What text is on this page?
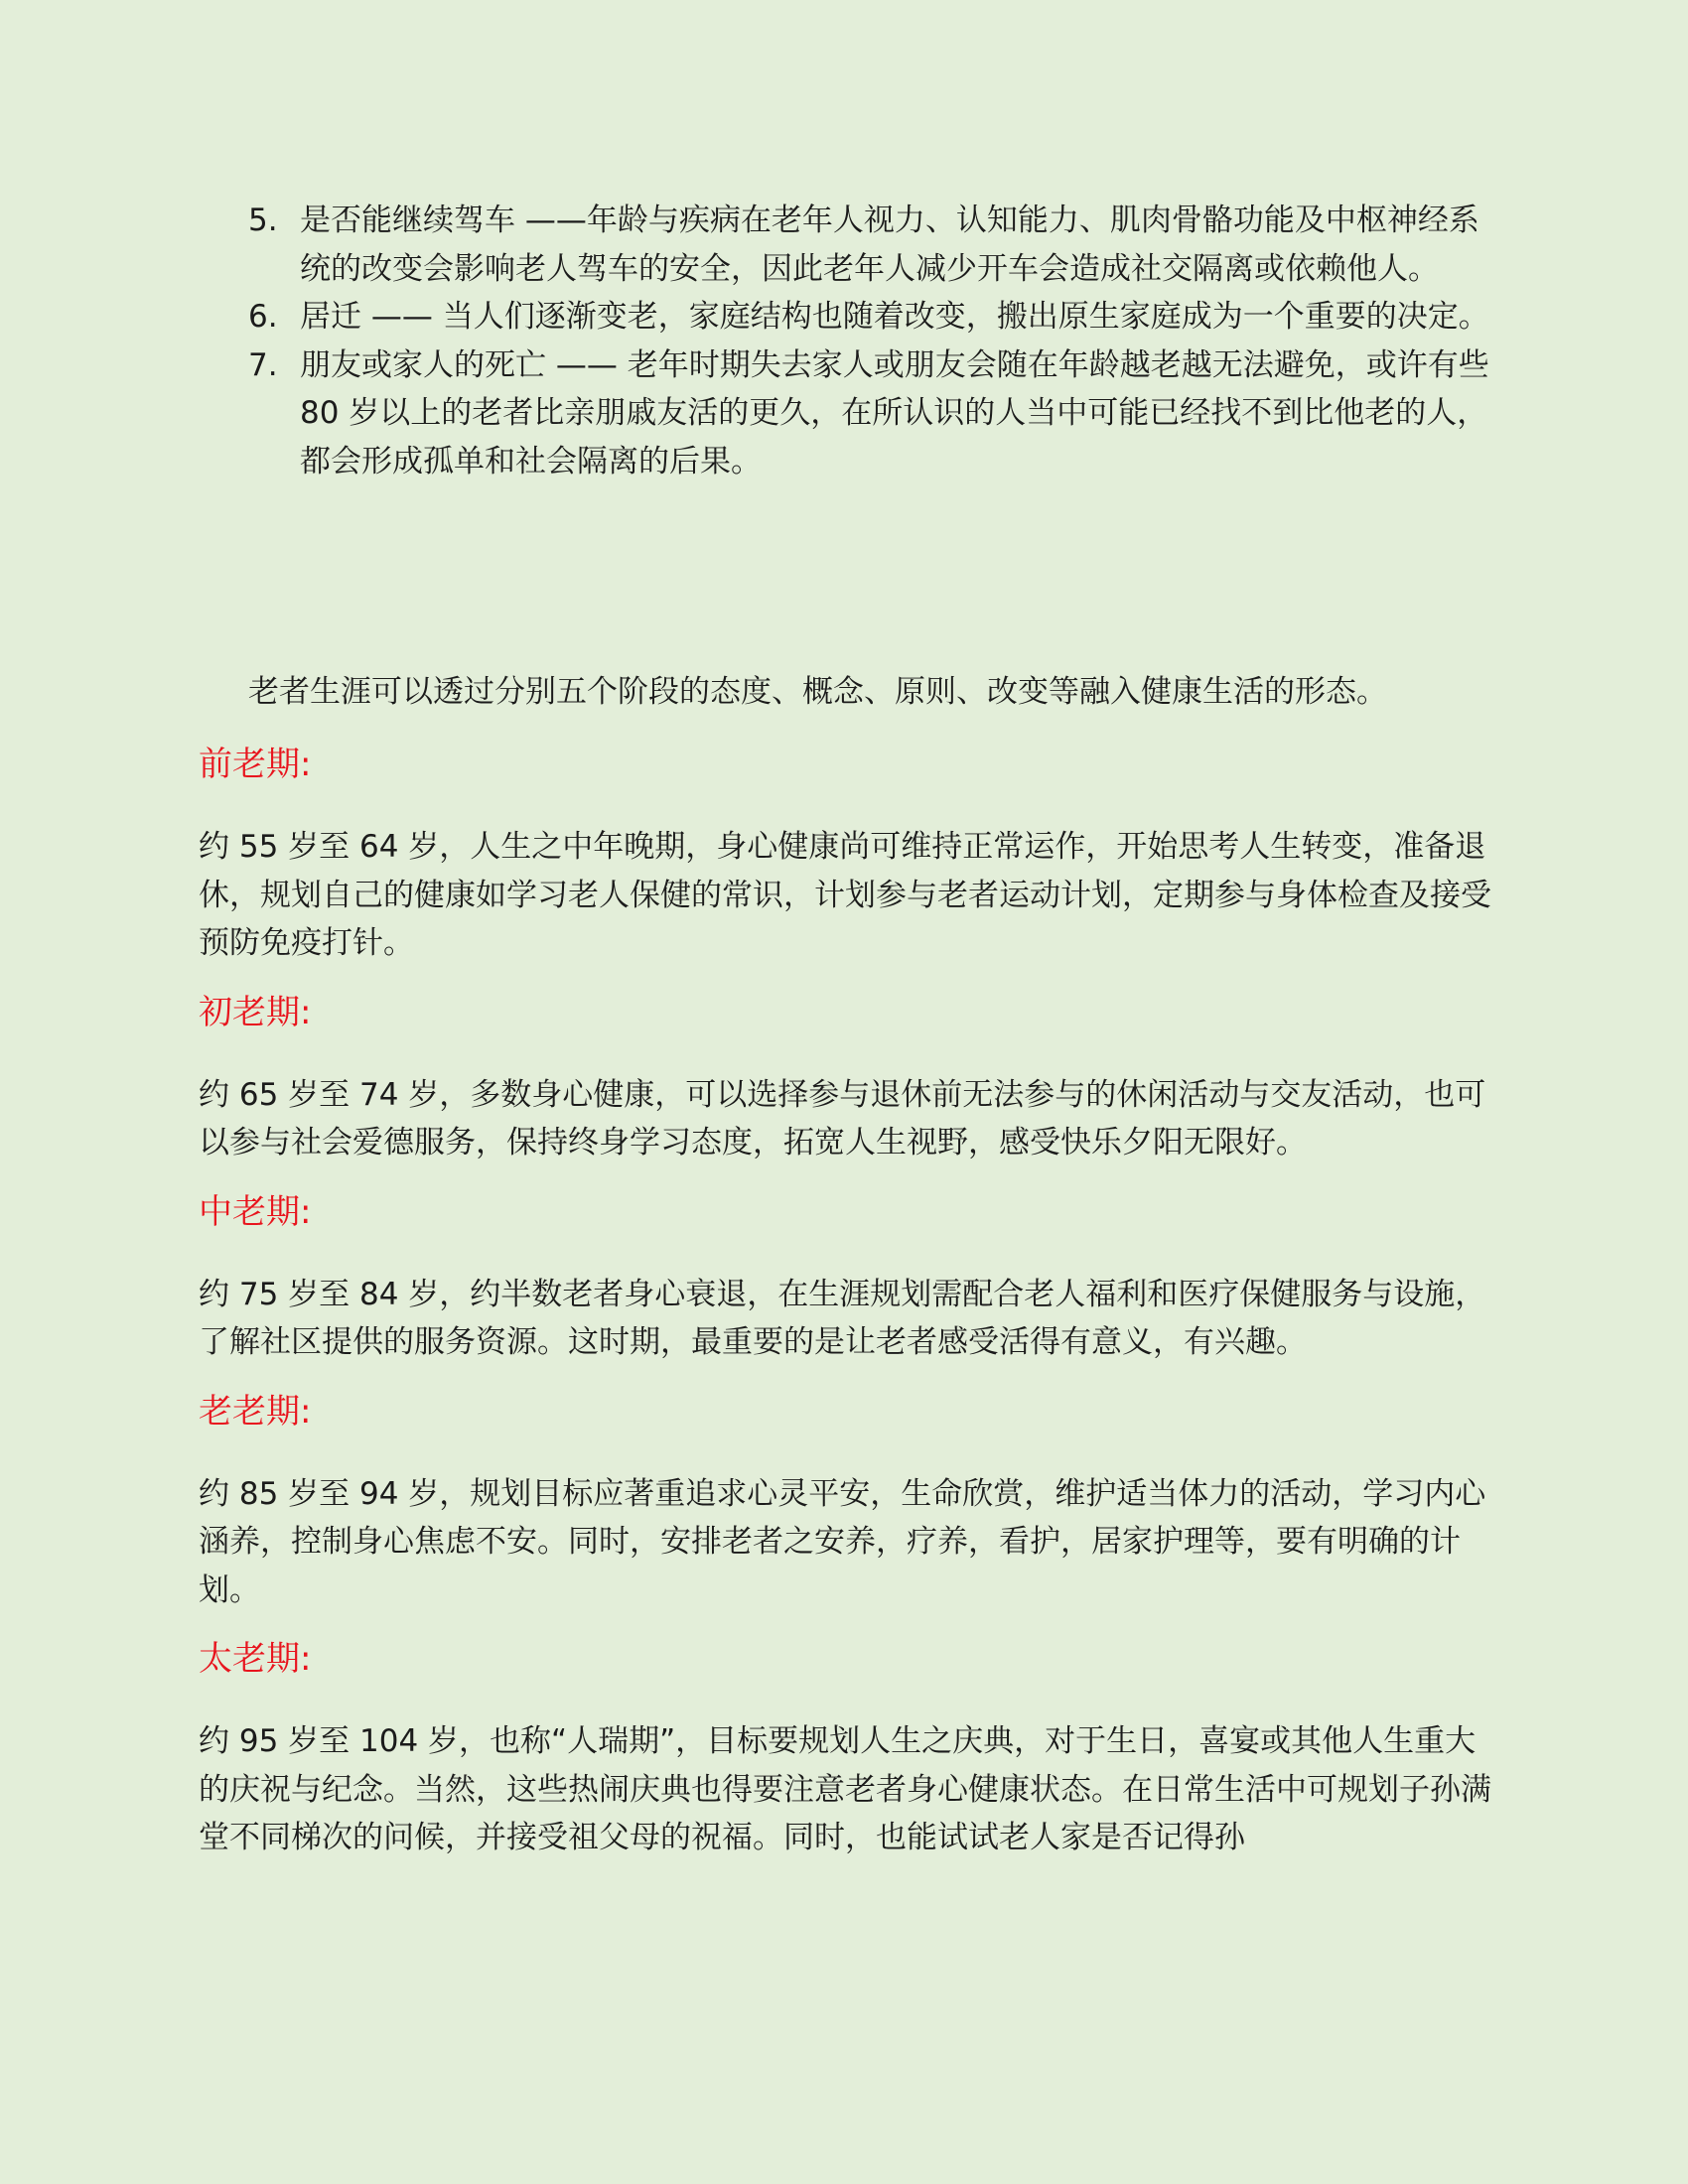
5. 是否能继续驾车 ——年龄与疾病在老年人视力、认知能力、肌肉骨骼功能及中枢神经系统的改变会影响老人驾车的安全，因此老年人减少开车会造成社交隔离或依赖他人。
6. 居迁 —— 当人们逐渐变老，家庭结构也随着改变，搬出原生家庭成为一个重要的决定。
7. 朋友或家人的死亡 —— 老年时期失去家人或朋友会随在年龄越老越无法避免，或许有些 80 岁以上的老者比亲朋戚友活的更久，在所认识的人当中可能已经找不到比他老的人，都会形成孤单和社会隔离的后果。

老者生涯可以透过分别五个阶段的态度、概念、原则、改变等融入健康生活的形态。

前老期:

约 55 岁至 64 岁，人生之中年晚期，身心健康尚可维持正常运作，开始思考人生转变，准备退休，规划自己的健康如学习老人保健的常识，计划参与老者运动计划，定期参与身体检查及接受预防免疫打针。

初老期:

约 65 岁至 74 岁，多数身心健康，可以选择参与退休前无法参与的休闲活动与交友活动，也可以参与社会爱德服务，保持终身学习态度，拓宽人生视野，感受快乐夕阳无限好。

中老期:

约 75 岁至 84 岁，约半数老者身心衰退，在生涯规划需配合老人福利和医疗保健服务与设施，了解社区提供的服务资源。这时期，最重要的是让老者感受活得有意义，有兴趣。

老老期:

约 85 岁至 94 岁，规划目标应著重追求心灵平安，生命欣赏，维护适当体力的活动，学习内心涵养，控制身心焦虑不安。同时，安排老者之安养，疗养，看护，居家护理等，要有明确的计划。

太老期:

约 95 岁至 104 岁，也称“人瑞期”，目标要规划人生之庆典，对于生日，喜宴或其他人生重大的庆祝与纪念。当然，这些热闹庆典也得要注意老者身心健康状态。在日常生活中可规划子孙满堂不同梯次的问候，并接受祖父母的祝福。同时，也能试试老人家是否记得孙
